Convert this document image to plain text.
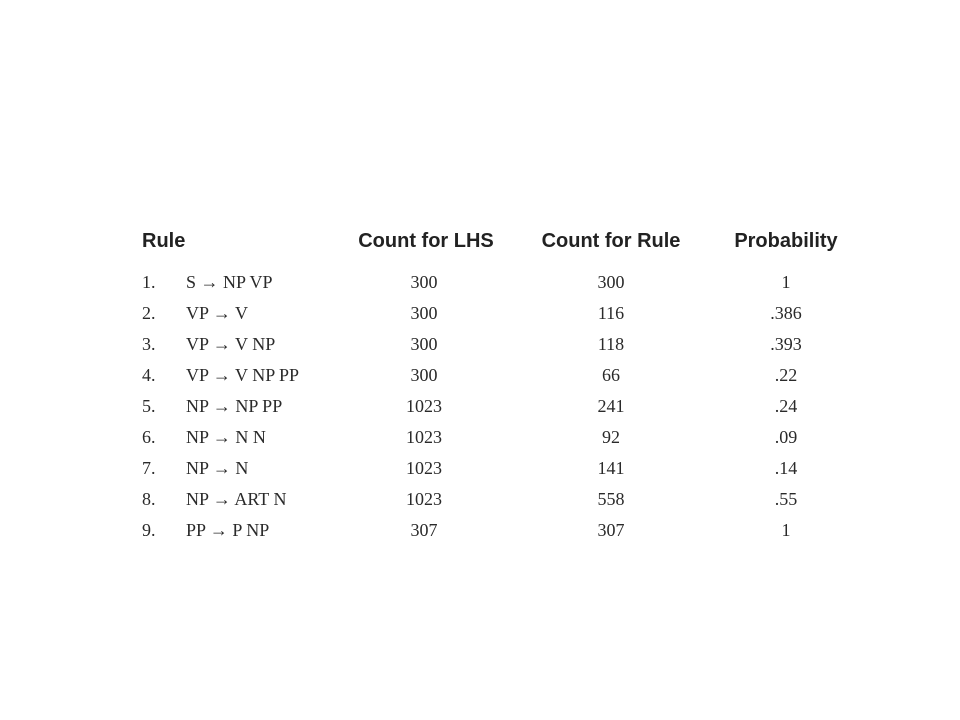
Rule		Count for LHS	Count for Rule	Probability
1.	S → NP VP	300	300	1
2.	VP → V	300	116	.386
3.	VP → V NP	300	118	.393
4.	VP → V NP PP	300	66	.22
5.	NP → NP PP	1023	241	.24
6.	NP → N N	1023	92	.09
7.	NP → N	1023	141	.14
8.	NP → ART N	1023	558	.55
9.	PP → P NP	307	307	1
